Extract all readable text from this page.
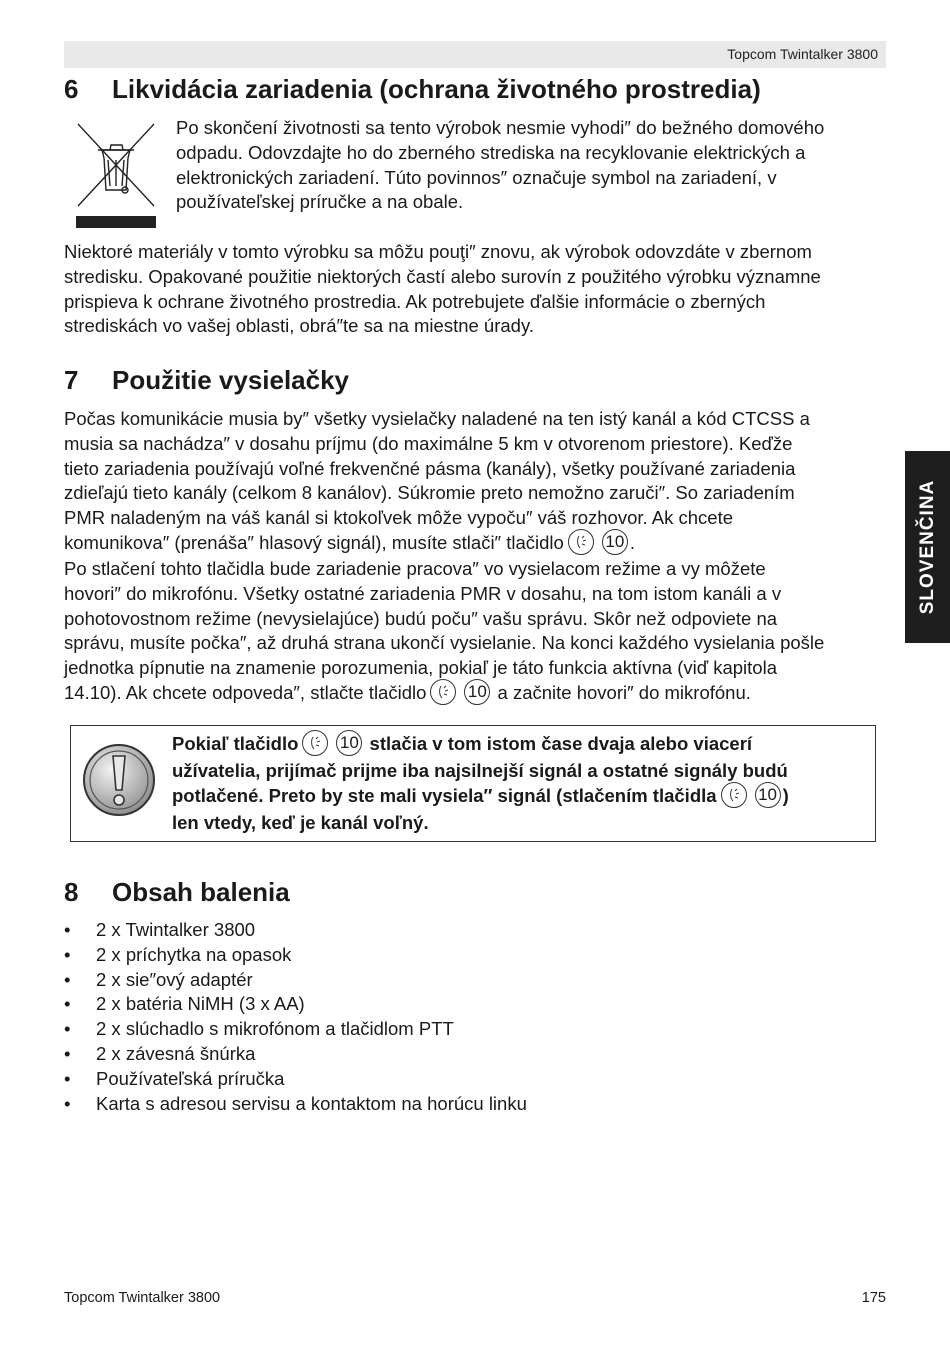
Topcom Twintalker 3800
6 Likvidácia zariadenia (ochrana životného prostredia)

Po skončení životnosti sa tento výrobok nesmie vyhodi″ do bežného domového

odpadu. Odovzdajte ho do zberného strediska na recyklovanie elektrických a

elektronických zariadení. Túto povinnos″ označuje symbol na zariadení, v

používateľskej príručke a na obale.

Niektoré materiály v tomto výrobku sa môžu pouţi″ znovu, ak výrobok odovzdáte v zbernom

stredisku. Opakované použitie niektorých častí alebo surovín z použitého výrobku významne

prispieva k ochrane životného prostredia. Ak potrebujete ďalšie informácie o zberných

strediskách vo vašej oblasti, obrá″te sa na miestne úrady.

7 Použitie vysielačky

Počas komunikácie musia by″ všetky vysielačky naladené na ten istý kanál a kód CTCSS a

musia sa nachádza″ v dosahu príjmu (do maximálne 5 km v otvorenom priestore). Keďže

tieto zariadenia používajú voľné frekvenčné pásma (kanály), všetky používané zariadenia

zdieľajú tieto kanály (celkom 8 kanálov). Súkromie preto nemožno zaruči″. So zariadením

PMR naladeným na váš kanál si ktokoľvek môže vypoču″ váš rozhovor. Ak chcete

komunikova″ (prenáša″ hlasový signál), musíte stlači″ tlačidlo 10 .

Po stlačení tohto tlačidla bude zariadenie pracova″ vo vysielacom režime a vy môžete

hovori″ do mikrofónu. Všetky ostatné zariadenia PMR v dosahu, na tom istom kanáli a v

pohotovostnom režime (nevysielajúce) budú poču″ vašu správu. Skôr než odpoviete na

správu, musíte počka″, až druhá strana ukončí vysielanie. Na konci každého vysielania pošle

jednotka pípnutie na znamenie porozumenia, pokiaľ je táto funkcia aktívna (viď kapitola

14.10). Ak chcete odpoveda″, stlačte tlačidlo 10 a začnite hovori″ do mikrofónu.

SLOVENČINA
Pokiaľ tlačidlo 10 stlačia v tom istom čase dvaja alebo viacerí
užívatelia, prijímač prijme iba najsilnejší signál a ostatné signály budú
potlačené. Preto by ste mali vysiela″ signál (stlačením tlačidla 10 )
len vtedy, keď je kanál voľný.
8 Obsah balenia
• 2 x Twintalker 3800
• 2 x príchytka na opasok
• 2 x sie″ový adaptér
• 2 x batéria NiMH (3 x AA)
• 2 x slúchadlo s mikrofónom a tlačidlom PTT
• 2 x závesná šnúrka
• Používateľská príručka
• Karta s adresou servisu a kontaktom na horúcu linku
Topcom Twintalker 3800	175
